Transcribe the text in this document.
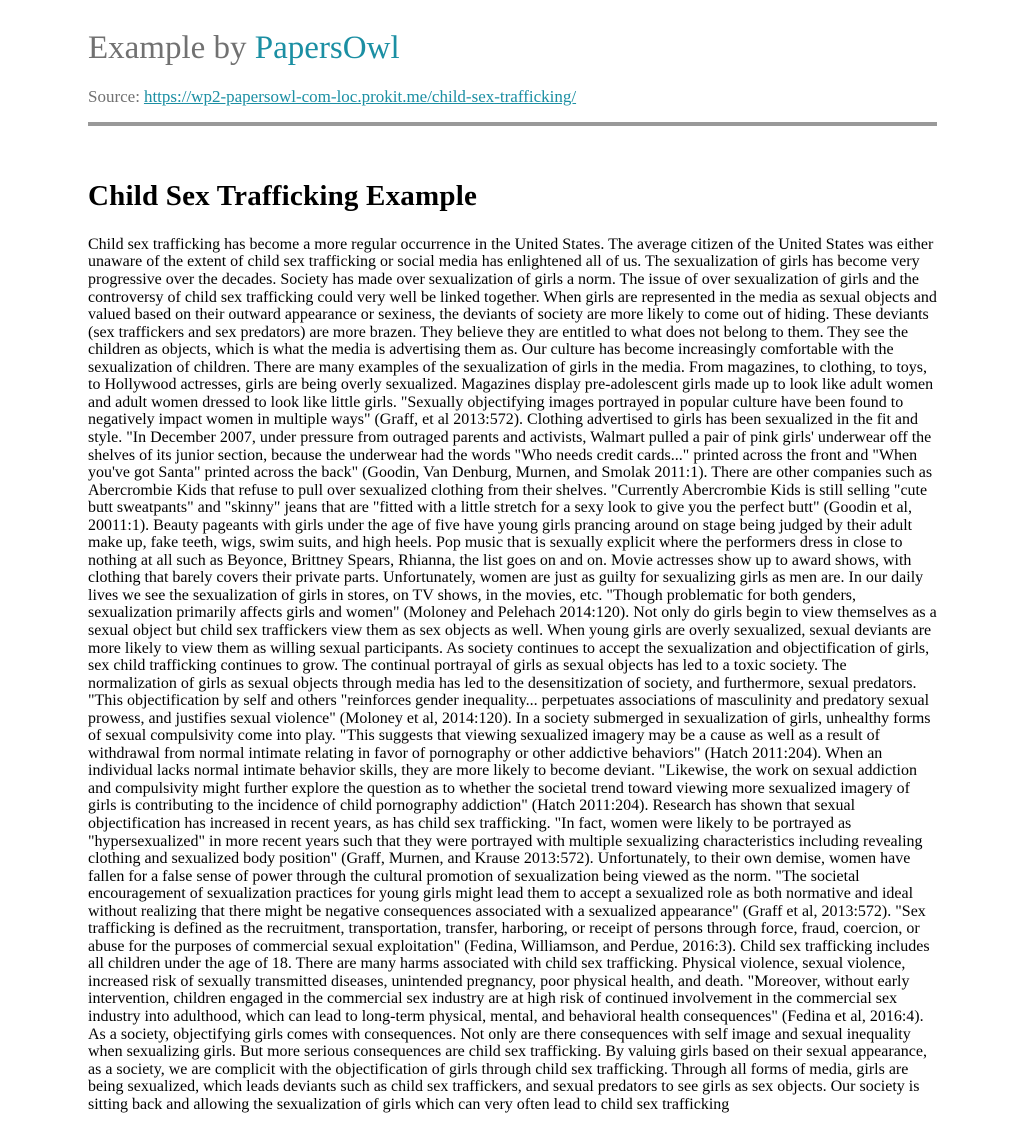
Example by PapersOwl
Source: https://wp2-papersowl-com-loc.prokit.me/child-sex-trafficking/
Child Sex Trafficking Example

Child sex trafficking has become a more regular occurrence in the United States. The average citizen of the United States was either unaware of the extent of child sex trafficking or social media has enlightened all of us. The sexualization of girls has become very progressive over the decades. Society has made over sexualization of girls a norm. The issue of over sexualization of girls and the controversy of child sex trafficking could very well be linked together. When girls are represented in the media as sexual objects and valued based on their outward appearance or sexiness, the deviants of society are more likely to come out of hiding. These deviants (sex traffickers and sex predators) are more brazen. They believe they are entitled to what does not belong to them. They see the children as objects, which is what the media is advertising them as. Our culture has become increasingly comfortable with the sexualization of children. There are many examples of the sexualization of girls in the media. From magazines, to clothing, to toys, to Hollywood actresses, girls are being overly sexualized. Magazines display pre-adolescent girls made up to look like adult women and adult women dressed to look like little girls. "Sexually objectifying images portrayed in popular culture have been found to negatively impact women in multiple ways" (Graff, et al 2013:572). Clothing advertised to girls has been sexualized in the fit and style. "In December 2007, under pressure from outraged parents and activists, Walmart pulled a pair of pink girls' underwear off the shelves of its junior section, because the underwear had the words "Who needs credit cards..." printed across the front and "When you've got Santa" printed across the back" (Goodin, Van Denburg, Murnen, and Smolak 2011:1). There are other companies such as Abercrombie Kids that refuse to pull over sexualized clothing from their shelves. "Currently Abercrombie Kids is still selling "cute butt sweatpants" and "skinny" jeans that are "fitted with a little stretch for a sexy look to give you the perfect butt" (Goodin et al, 20011:1). Beauty pageants with girls under the age of five have young girls prancing around on stage being judged by their adult make up, fake teeth, wigs, swim suits, and high heels. Pop music that is sexually explicit where the performers dress in close to nothing at all such as Beyonce, Brittney Spears, Rhianna, the list goes on and on. Movie actresses show up to award shows, with clothing that barely covers their private parts. Unfortunately, women are just as guilty for sexualizing girls as men are. In our daily lives we see the sexualization of girls in stores, on TV shows, in the movies, etc. "Though problematic for both genders, sexualization primarily affects girls and women" (Moloney and Pelehach 2014:120). Not only do girls begin to view themselves as a sexual object but child sex traffickers view them as sex objects as well. When young girls are overly sexualized, sexual deviants are more likely to view them as willing sexual participants. As society continues to accept the sexualization and objectification of girls, sex child trafficking continues to grow. The continual portrayal of girls as sexual objects has led to a toxic society. The normalization of girls as sexual objects through media has led to the desensitization of society, and furthermore, sexual predators. "This objectification by self and others "reinforces gender inequality... perpetuates associations of masculinity and predatory sexual prowess, and justifies sexual violence" (Moloney et al, 2014:120). In a society submerged in sexualization of girls, unhealthy forms of sexual compulsivity come into play. "This suggests that viewing sexualized imagery may be a cause as well as a result of withdrawal from normal intimate relating in favor of pornography or other addictive behaviors" (Hatch 2011:204). When an individual lacks normal intimate behavior skills, they are more likely to become deviant. "Likewise, the work on sexual addiction and compulsivity might further explore the question as to whether the societal trend toward viewing more sexualized imagery of girls is contributing to the incidence of child pornography addiction" (Hatch 2011:204). Research has shown that sexual objectification has increased in recent years, as has child sex trafficking. "In fact, women were likely to be portrayed as "hypersexualized" in more recent years such that they were portrayed with multiple sexualizing characteristics including revealing clothing and sexualized body position" (Graff, Murnen, and Krause 2013:572). Unfortunately, to their own demise, women have fallen for a false sense of power through the cultural promotion of sexualization being viewed as the norm. "The societal encouragement of sexualization practices for young girls might lead them to accept a sexualized role as both normative and ideal without realizing that there might be negative consequences associated with a sexualized appearance" (Graff et al, 2013:572). "Sex trafficking is defined as the recruitment, transportation, transfer, harboring, or receipt of persons through force, fraud, coercion, or abuse for the purposes of commercial sexual exploitation" (Fedina, Williamson, and Perdue, 2016:3). Child sex trafficking includes all children under the age of 18. There are many harms associated with child sex trafficking. Physical violence, sexual violence, increased risk of sexually transmitted diseases, unintended pregnancy, poor physical health, and death. "Moreover, without early intervention, children engaged in the commercial sex industry are at high risk of continued involvement in the commercial sex industry into adulthood, which can lead to long-term physical, mental, and behavioral health consequences" (Fedina et al, 2016:4). As a society, objectifying girls comes with consequences. Not only are there consequences with self image and sexual inequality when sexualizing girls. But more serious consequences are child sex trafficking. By valuing girls based on their sexual appearance, as a society, we are complicit with the objectification of girls through child sex trafficking. Through all forms of media, girls are being sexualized, which leads deviants such as child sex traffickers, and sexual predators to see girls as sex objects. Our society is sitting back and allowing the sexualization of girls which can very often lead to child sex trafficking
